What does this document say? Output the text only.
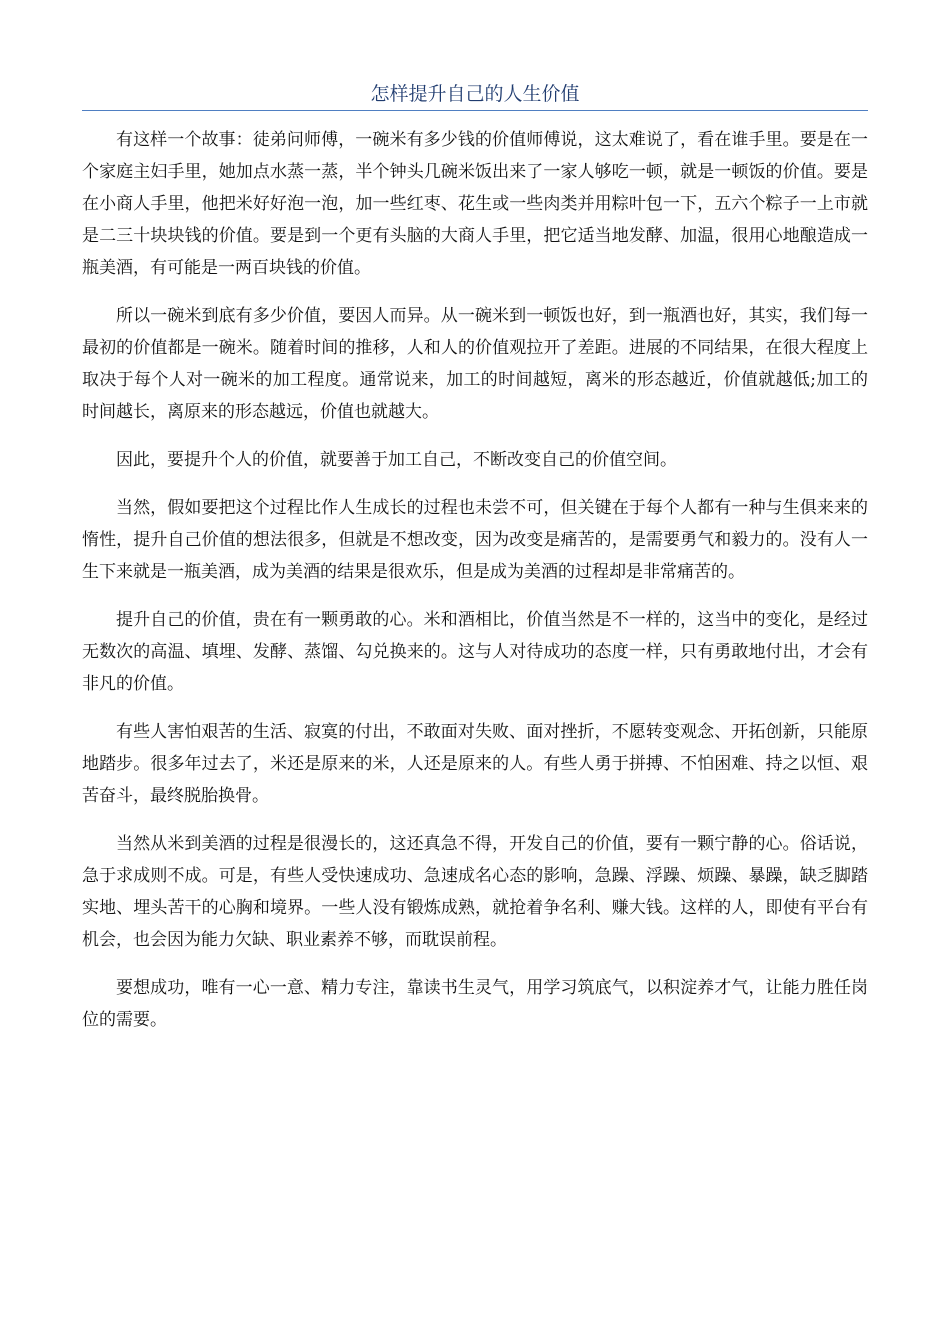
怎样提升自己的人生价值

有这样一个故事：徒弟问师傅，一碗米有多少钱的价值师傅说，这太难说了，看在谁手里。要是在一个家庭主妇手里，她加点水蒸一蒸，半个钟头几碗米饭出来了一家人够吃一顿，就是一顿饭的价值。要是在小商人手里，他把米好好泡一泡，加一些红枣、花生或一些肉类并用粽叶包一下，五六个粽子一上市就是二三十块块钱的价值。要是到一个更有头脑的大商人手里，把它适当地发酵、加温，很用心地酿造成一瓶美酒，有可能是一两百块钱的价值。

所以一碗米到底有多少价值，要因人而异。从一碗米到一顿饭也好，到一瓶酒也好，其实，我们每一最初的价值都是一碗米。随着时间的推移，人和人的价值观拉开了差距。进展的不同结果，在很大程度上取决于每个人对一碗米的加工程度。通常说来，加工的时间越短，离米的形态越近，价值就越低;加工的时间越长，离原来的形态越远，价值也就越大。

因此，要提升个人的价值，就要善于加工自己，不断改变自己的价值空间。

当然，假如要把这个过程比作人生成长的过程也未尝不可，但关键在于每个人都有一种与生俱来来的惰性，提升自己价值的想法很多，但就是不想改变，因为改变是痛苦的，是需要勇气和毅力的。没有人一生下来就是一瓶美酒，成为美酒的结果是很欢乐，但是成为美酒的过程却是非常痛苦的。

提升自己的价值，贵在有一颗勇敢的心。米和酒相比，价值当然是不一样的，这当中的变化，是经过无数次的高温、填埋、发酵、蒸馏、勾兑换来的。这与人对待成功的态度一样，只有勇敢地付出，才会有非凡的价值。

有些人害怕艰苦的生活、寂寞的付出，不敢面对失败、面对挫折，不愿转变观念、开拓创新，只能原地踏步。很多年过去了，米还是原来的米，人还是原来的人。有些人勇于拼搏、不怕困难、持之以恒、艰苦奋斗，最终脱胎换骨。

当然从米到美酒的过程是很漫长的，这还真急不得，开发自己的价值，要有一颗宁静的心。俗话说，急于求成则不成。可是，有些人受快速成功、急速成名心态的影响，急躁、浮躁、烦躁、暴躁，缺乏脚踏实地、埋头苦干的心胸和境界。一些人没有锻炼成熟，就抢着争名利、赚大钱。这样的人，即使有平台有机会，也会因为能力欠缺、职业素养不够，而耽误前程。

要想成功，唯有一心一意、精力专注，靠读书生灵气，用学习筑底气，以积淀养才气，让能力胜任岗位的需要。
